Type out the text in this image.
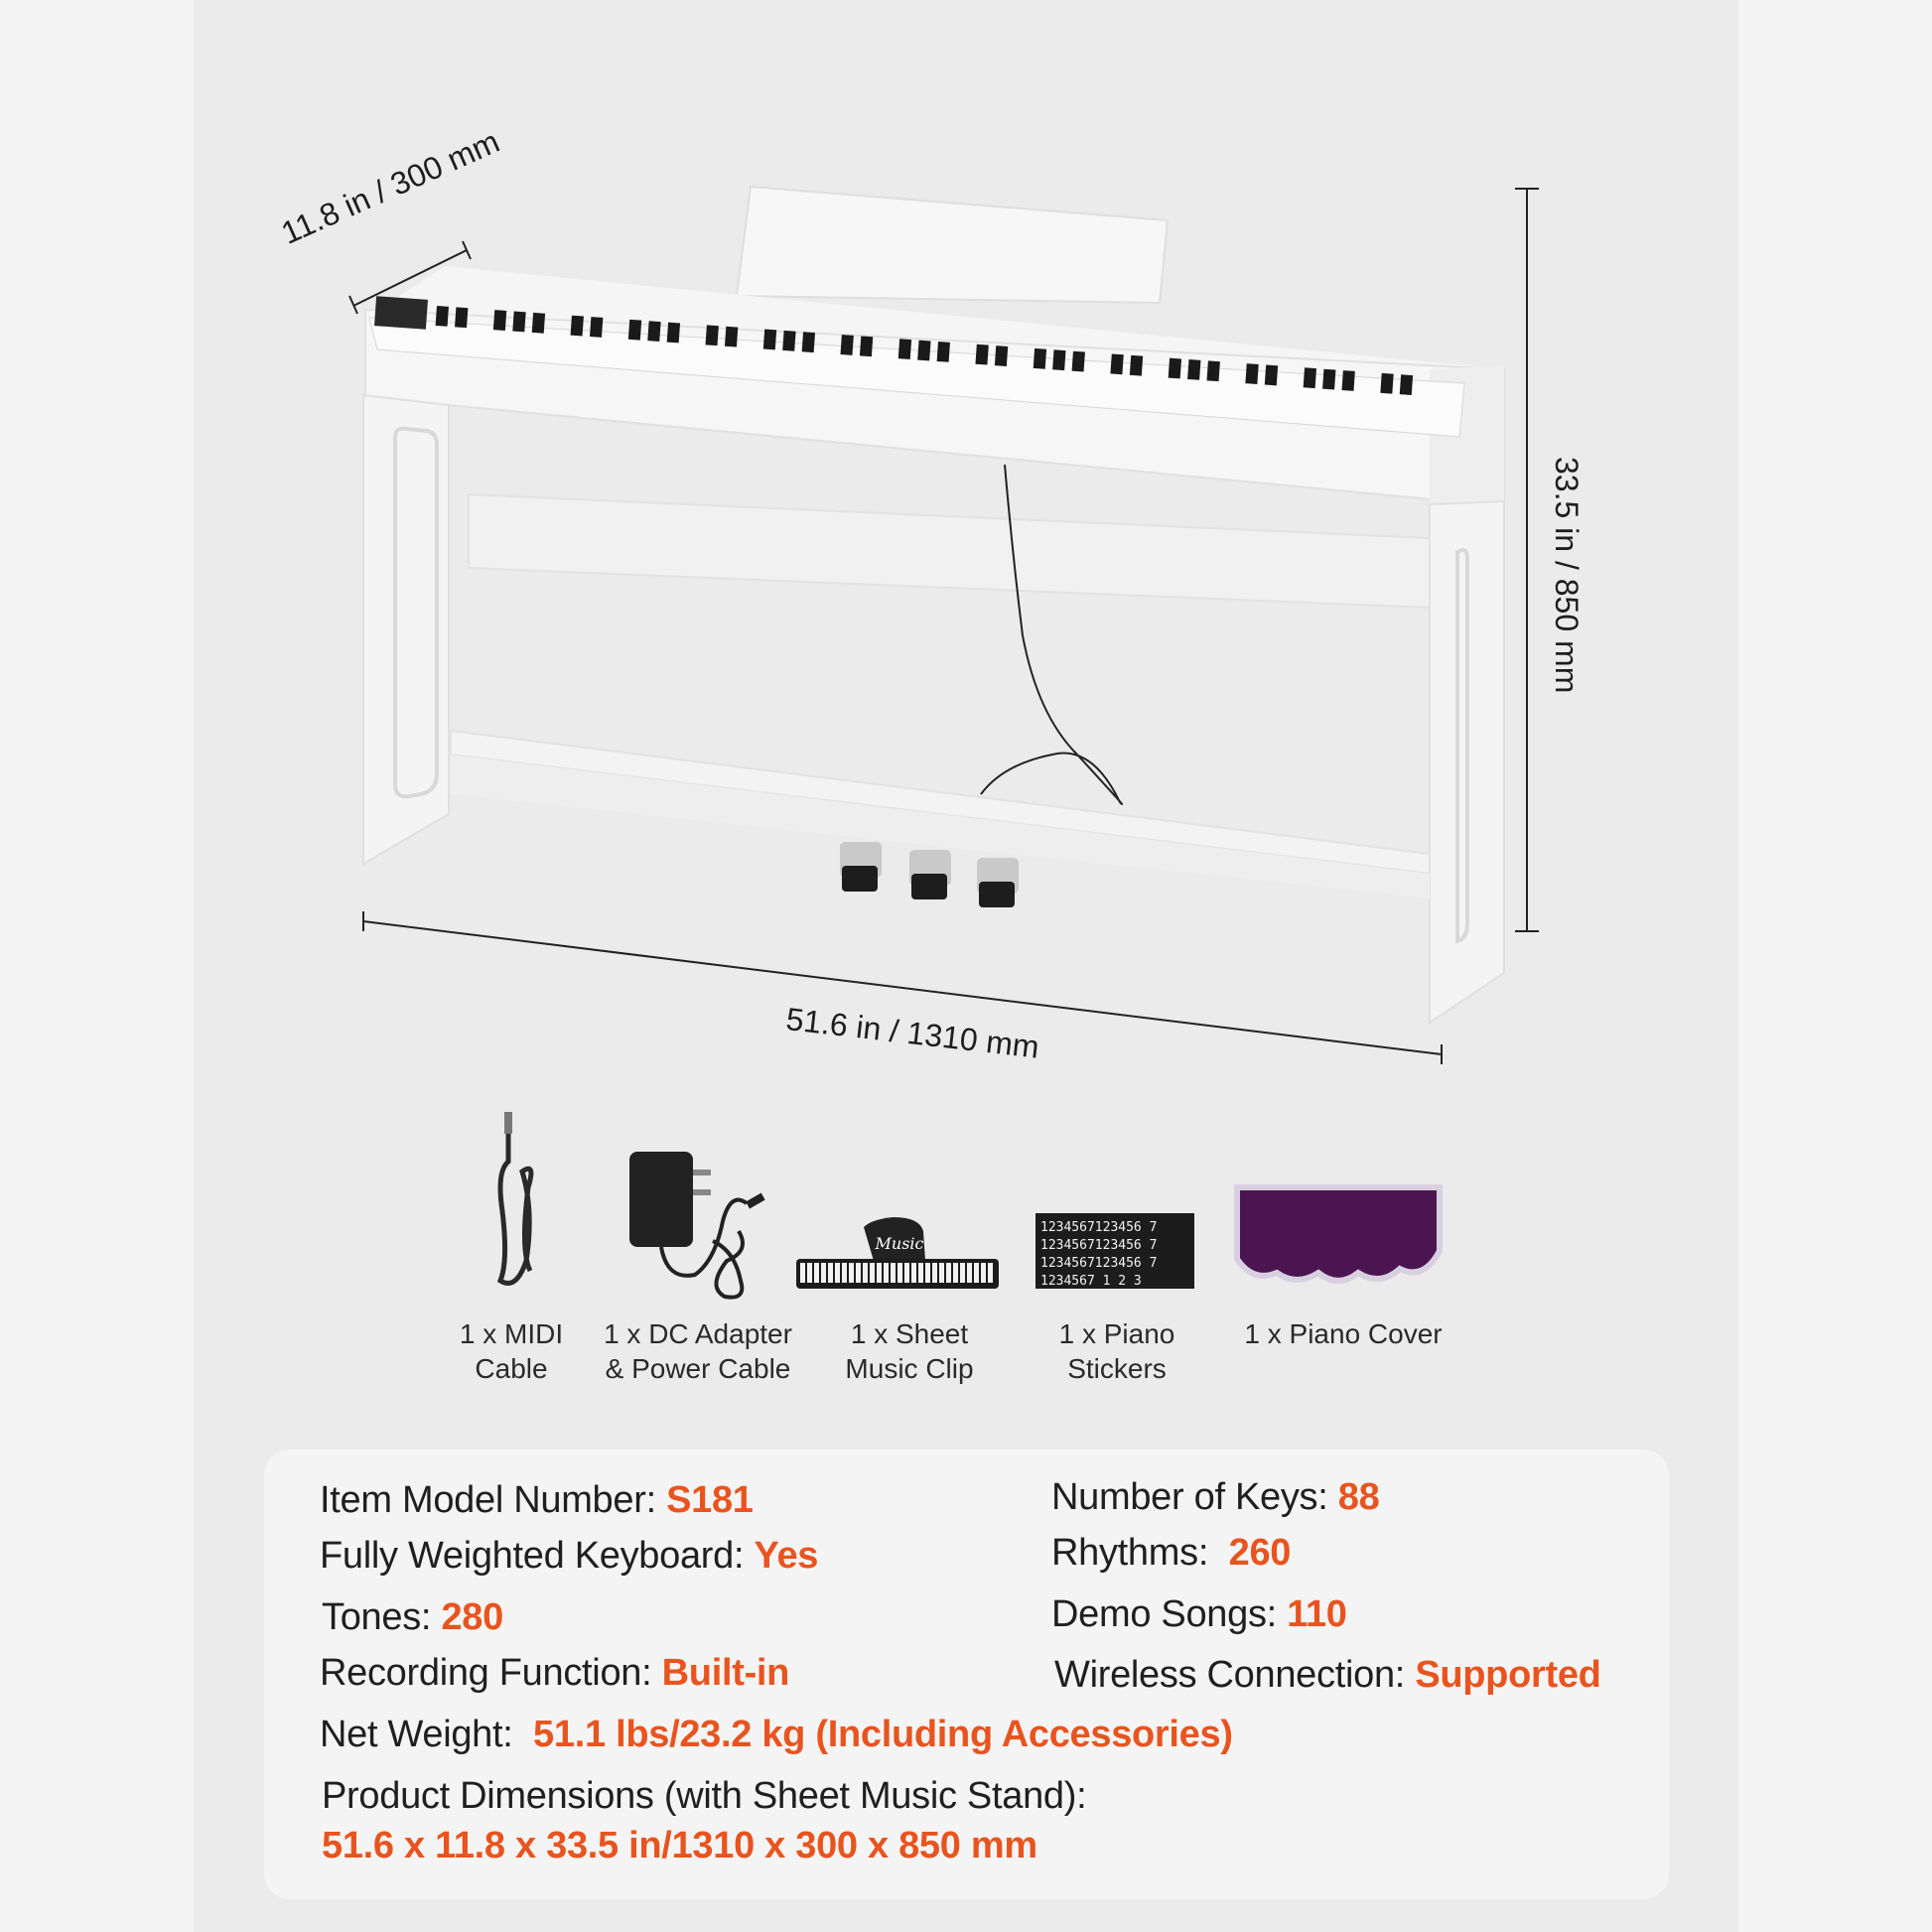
Music
1234567123456 7
1234567123456 7
1234567123456 7
1234567 1 2 3
11.8 in / 300 mm
33.5 in / 850 mm
51.6 in / 1310 mm
1 x MIDI
Cable
1 x DC Adapter
& Power Cable
1 x Sheet
Music Clip
1 x Piano
Stickers
1 x Piano Cover
Item Model Number: S181
Fully Weighted Keyboard: Yes
Tones: 280
Recording Function: Built-in
Net Weight: 51.1 lbs/23.2 kg (Including Accessories)
Product Dimensions (with Sheet Music Stand):
51.6 x 11.8 x 33.5 in/1310 x 300 x 850 mm
Number of Keys: 88
Rhythms: 260
Demo Songs: 110
Wireless Connection: Supported
